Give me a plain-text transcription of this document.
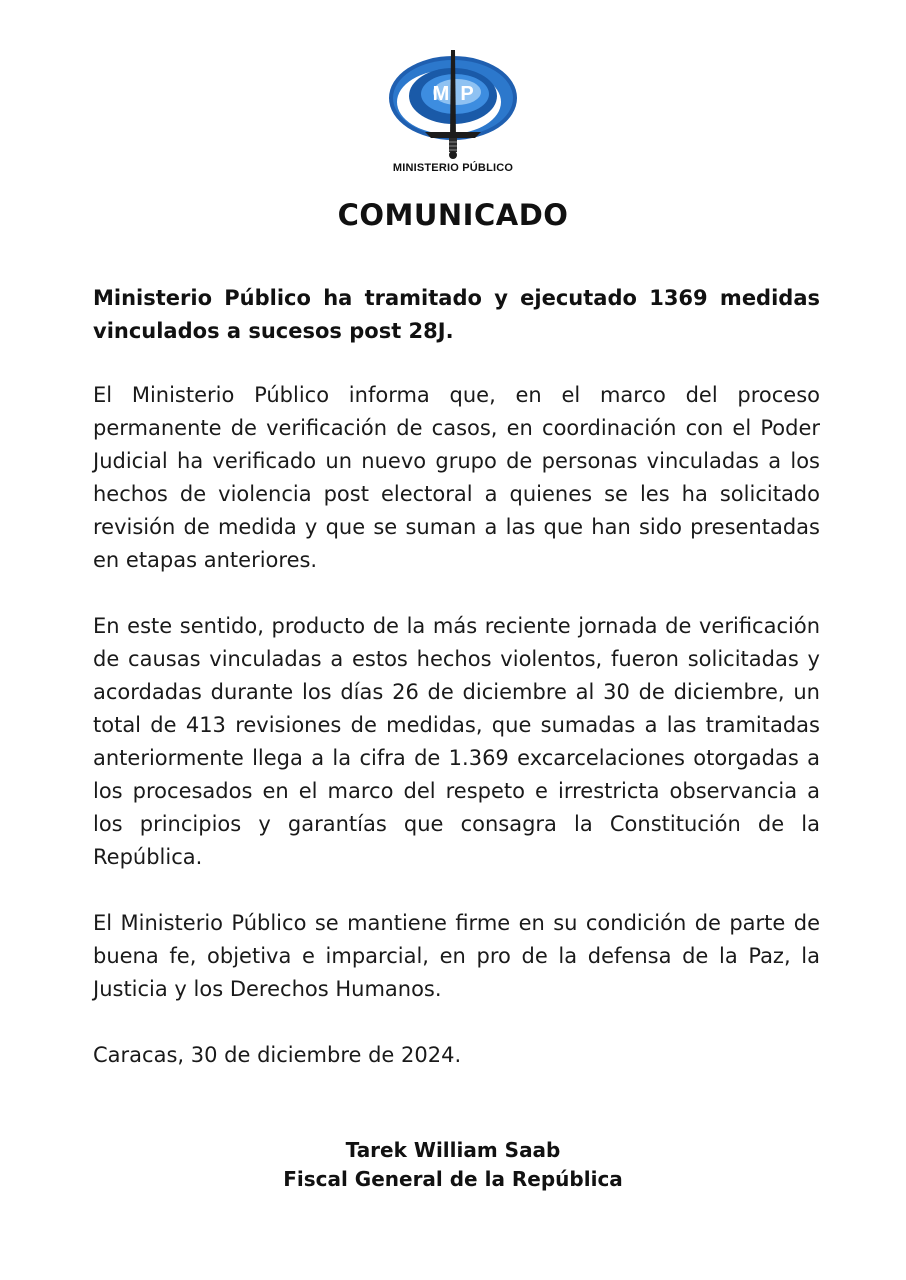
M P
MINISTERIO PÚBLICO
COMUNICADO

Ministerio Público ha tramitado y ejecutado 1369 medidas vinculados a sucesos post 28J.

El Ministerio Público informa que, en el marco del proceso permanente de verificación de casos, en coordinación con el Poder Judicial ha verificado un nuevo grupo de personas vinculadas a los hechos de violencia post electoral a quienes se les ha solicitado revisión de medida y que se suman a las que han sido presentadas en etapas anteriores.

En este sentido, producto de la más reciente jornada de verificación de causas vinculadas a estos hechos violentos, fueron solicitadas y acordadas durante los días 26 de diciembre al 30 de diciembre, un total de 413 revisiones de medidas, que sumadas a las tramitadas anteriormente llega a la cifra de 1.369 excarcelaciones otorgadas a los procesados en el marco del respeto e irrestricta observancia a los principios y garantías que consagra la Constitución de la República.

El Ministerio Público se mantiene firme en su condición de parte de buena fe, objetiva e imparcial, en pro de la defensa de la Paz, la Justicia y los Derechos Humanos.

Caracas, 30 de diciembre de 2024.

Tarek William Saab
Fiscal General de la República
